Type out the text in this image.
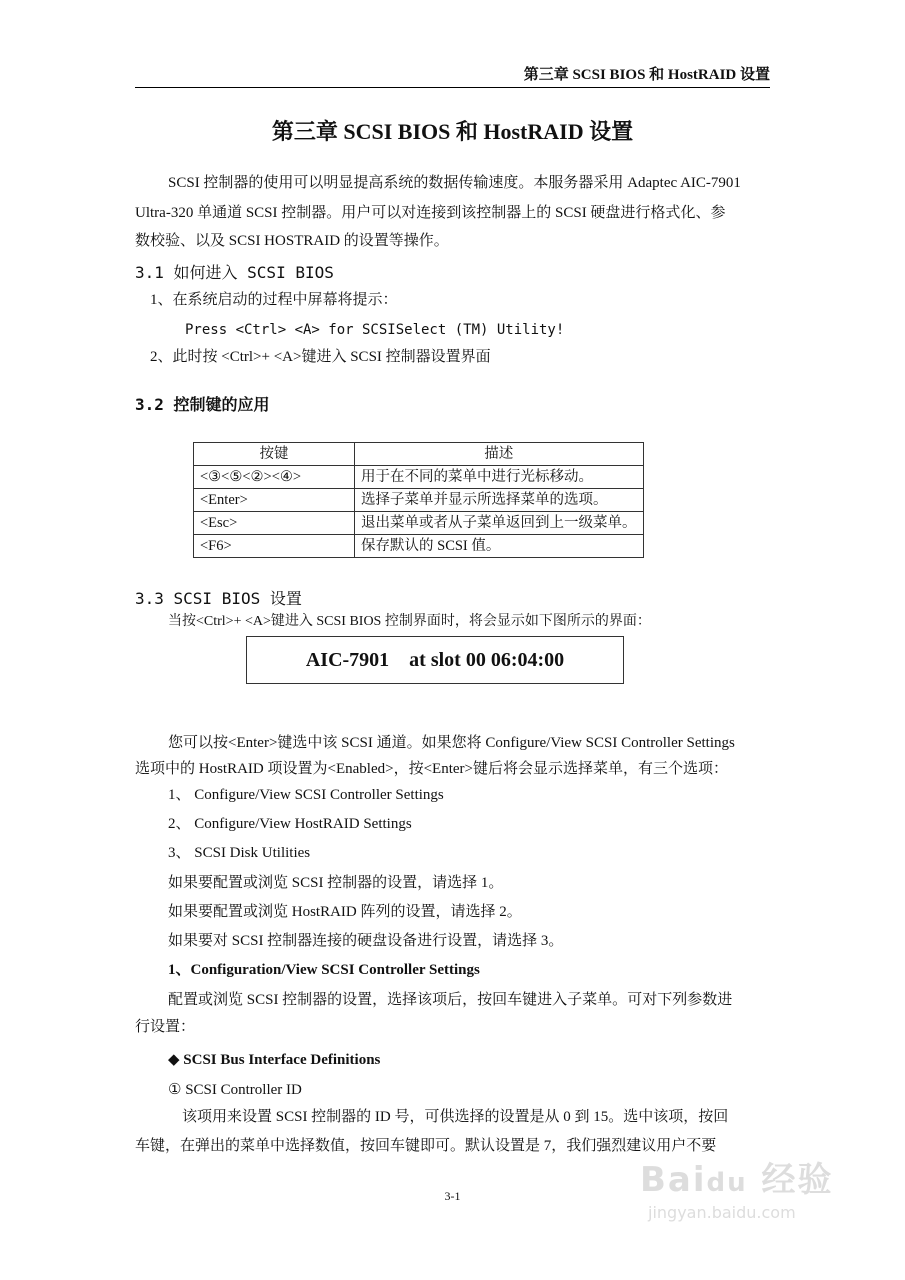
第三章 SCSI BIOS 和 HostRAID 设置
第三章 SCSI BIOS 和 HostRAID 设置
SCSI 控制器的使用可以明显提高系统的数据传输速度。本服务器采用 Adaptec AIC-7901
Ultra-320 单通道 SCSI 控制器。用户可以对连接到该控制器上的 SCSI 硬盘进行格式化、参
数校验、以及 SCSI HOSTRAID 的设置等操作。
3.1 如何进入 SCSI BIOS
1、在系统启动的过程中屏幕将提示：
Press <Ctrl> <A> for SCSISelect (TM) Utility!
2、此时按 <Ctrl>+ <A>键进入 SCSI 控制器设置界面
3.2 控制键的应用
按键	描述
<③<⑤<②><④>	用于在不同的菜单中进行光标移动。
<Enter>	选择子菜单并显示所选择菜单的选项。
<Esc>	退出菜单或者从子菜单返回到上一级菜单。
<F6>	保存默认的 SCSI 值。
3.3 SCSI BIOS 设置
当按<Ctrl>+ <A>键进入 SCSI BIOS 控制界面时，将会显示如下图所示的界面：
AIC-7901    at slot 00 06:04:00
您可以按<Enter>键选中该 SCSI 通道。如果您将 Configure/View SCSI Controller Settings
选项中的 HostRAID 项设置为<Enabled>，按<Enter>键后将会显示选择菜单，有三个选项：
1、 Configure/View SCSI Controller Settings
2、 Configure/View HostRAID Settings
3、 SCSI Disk Utilities
如果要配置或浏览 SCSI 控制器的设置，请选择 1。
如果要配置或浏览 HostRAID 阵列的设置，请选择 2。
如果要对 SCSI 控制器连接的硬盘设备进行设置，请选择 3。
1、Configuration/View SCSI Controller Settings
配置或浏览 SCSI 控制器的设置，选择该项后，按回车键进入子菜单。可对下列参数进
行设置：
◆ SCSI Bus Interface Definitions
① SCSI Controller ID
该项用来设置 SCSI 控制器的 ID 号，可供选择的设置是从 0 到 15。选中该项，按回
车键，在弹出的菜单中选择数值，按回车键即可。默认设置是 7，我们强烈建议用户不要
3-1	Baidu 经验
jingyan.baidu.com
